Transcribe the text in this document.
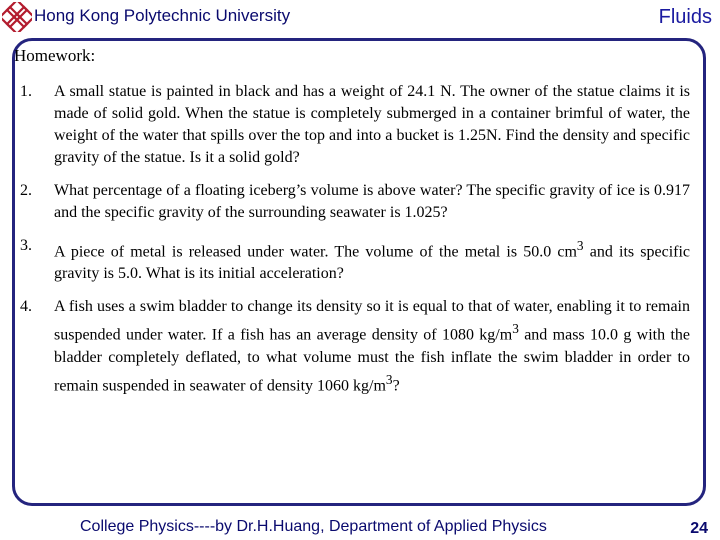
Hong Kong Polytechnic University	Fluids
Homework:
1.	A small statue is painted in black and has a weight of 24.1 N. The owner of the statue claims it is made of solid gold. When the statue is completely submerged in a container brimful of water, the weight of the water that spills over the top and into a bucket is 1.25N. Find the density and specific gravity of the statue. Is it a solid gold?
2.	What percentage of a floating iceberg’s volume is above water? The specific gravity of ice is 0.917 and the specific gravity of the surrounding seawater is 1.025?
3.	A piece of metal is released under water. The volume of the metal is 50.0 $cm^3$ and its specific gravity is 5.0. What is its initial acceleration?
4.	A fish uses a swim bladder to change its density so it is equal to that of water, enabling it to remain suspended under water. If a fish has an average density of 1080 $kg/m^3$ and mass 10.0 g with the bladder completely deflated, to what volume must the fish inflate the swim bladder in order to remain suspended in seawater of density 1060 $kg/m^3$?
College Physics----by Dr.H.Huang, Department of Applied Physics	24
